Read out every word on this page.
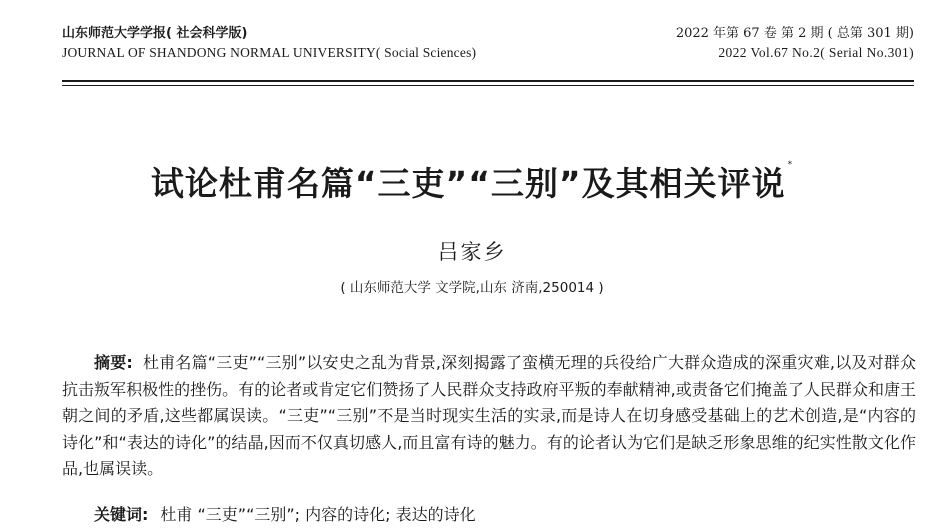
山东师范大学学报( 社会科学版)	2022 年第 67 卷 第 2 期 ( 总第 301 期)
JOURNAL OF SHANDONG NORMAL UNIVERSITY( Social Sciences)	2022 Vol.67 No.2( Serial No.301)
试论杜甫名篇“三吏”“三别”及其相关评说 *
吕家乡
( 山东师范大学 文学院,山东 济南,250014 )
摘要: 杜甫名篇“三吏”“三别”以安史之乱为背景,深刻揭露了蛮横无理的兵役给广大群众造成的深重灾难,以及对群众抗击叛军积极性的挫伤。有的论者或肯定它们赞扬了人民群众支持政府平叛的奉献精神,或责备它们掩盖了人民群众和唐王朝之间的矛盾,这些都属误读。“三吏”“三别”不是当时现实生活的实录,而是诗人在切身感受基础上的艺术创造,是“内容的诗化”和“表达的诗化”的结晶,因而不仅真切感人,而且富有诗的魅力。有的论者认为它们是缺乏形象思维的纪实性散文化作品,也属误读。
关键词: 杜甫 “三吏”“三别”; 内容的诗化; 表达的诗化
